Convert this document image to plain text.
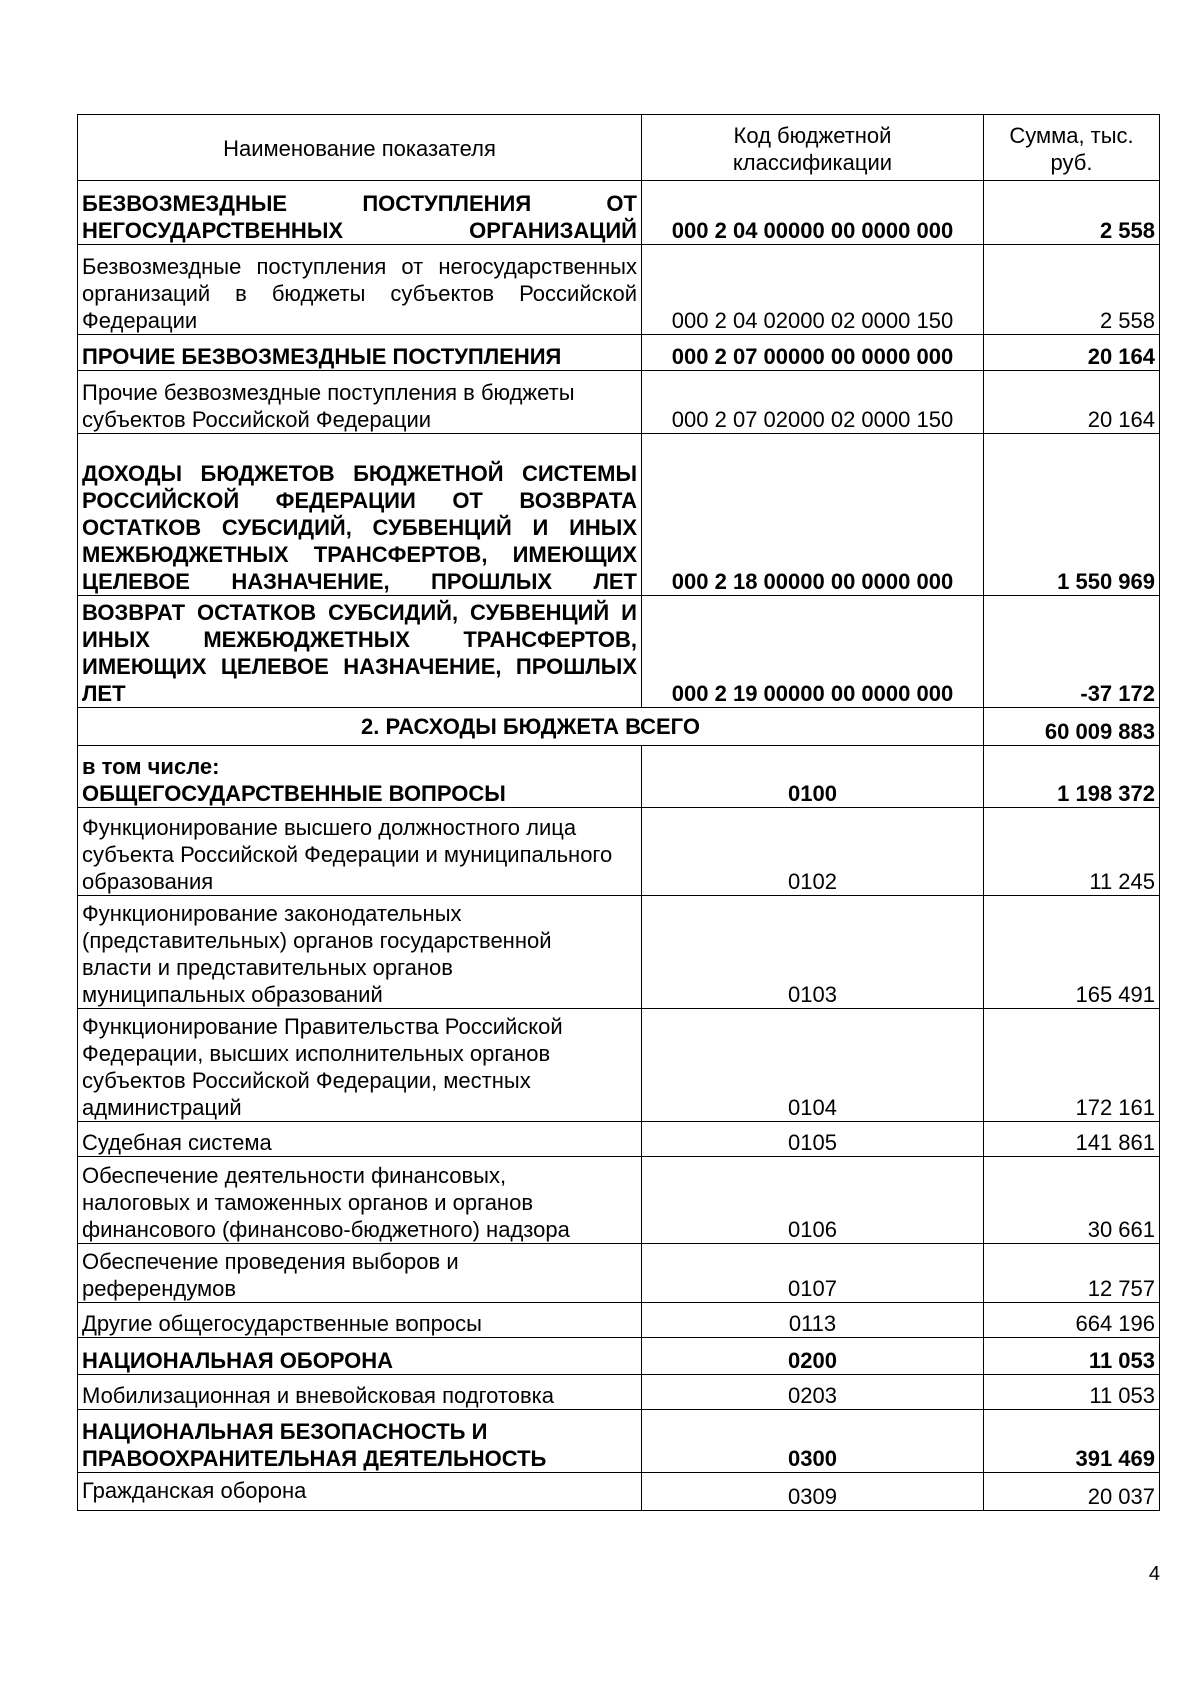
Наименование показателя	Код бюджетной классификации	Сумма, тыс. руб.
БЕЗВОЗМЕЗДНЫЕ ПОСТУПЛЕНИЯ ОТ НЕГОСУДАРСТВЕННЫХ ОРГАНИЗАЦИЙ	000 2 04 00000 00 0000 000	2 558
Безвозмездные поступления от негосударственных организаций в бюджеты субъектов Российской Федерации	000 2 04 02000 02 0000 150	2 558
ПРОЧИЕ БЕЗВОЗМЕЗДНЫЕ ПОСТУПЛЕНИЯ	000 2 07 00000 00 0000 000	20 164
Прочие безвозмездные поступления в бюджеты субъектов Российской Федерации	000 2 07 02000 02 0000 150	20 164
ДОХОДЫ БЮДЖЕТОВ БЮДЖЕТНОЙ СИСТЕМЫ РОССИЙСКОЙ ФЕДЕРАЦИИ ОТ ВОЗВРАТА ОСТАТКОВ СУБСИДИЙ, СУБВЕНЦИЙ И ИНЫХ МЕЖБЮДЖЕТНЫХ ТРАНСФЕРТОВ, ИМЕЮЩИХ ЦЕЛЕВОЕ НАЗНАЧЕНИЕ, ПРОШЛЫХ ЛЕТ	000 2 18 00000 00 0000 000	1 550 969
ВОЗВРАТ ОСТАТКОВ СУБСИДИЙ, СУБВЕНЦИЙ И ИНЫХ МЕЖБЮДЖЕТНЫХ ТРАНСФЕРТОВ, ИМЕЮЩИХ ЦЕЛЕВОЕ НАЗНАЧЕНИЕ, ПРОШЛЫХ ЛЕТ	000 2 19 00000 00 0000 000	-37 172
2. РАСХОДЫ БЮДЖЕТА ВСЕГО		60 009 883

в том числе:
ОБЩЕГОСУДАРСТВЕННЫЕ ВОПРОСЫ	0100	1 198 372
Функционирование высшего должностного лица субъекта Российской Федерации и муниципального образования	0102	11 245
Функционирование законодательных (представительных) органов государственной власти и представительных органов муниципальных образований	0103	165 491
Функционирование Правительства Российской Федерации, высших исполнительных органов субъектов Российской Федерации, местных администраций	0104	172 161
Судебная система	0105	141 861
Обеспечение деятельности финансовых, налоговых и таможенных органов и органов финансового (финансово-бюджетного) надзора	0106	30 661
Обеспечение проведения выборов и референдумов	0107	12 757
Другие общегосударственные вопросы	0113	664 196
НАЦИОНАЛЬНАЯ ОБОРОНА	0200	11 053
Мобилизационная и вневойсковая подготовка	0203	11 053
НАЦИОНАЛЬНАЯ БЕЗОПАСНОСТЬ И ПРАВООХРАНИТЕЛЬНАЯ ДЕЯТЕЛЬНОСТЬ	0300	391 469
Гражданская оборона	0309	20 037
4
